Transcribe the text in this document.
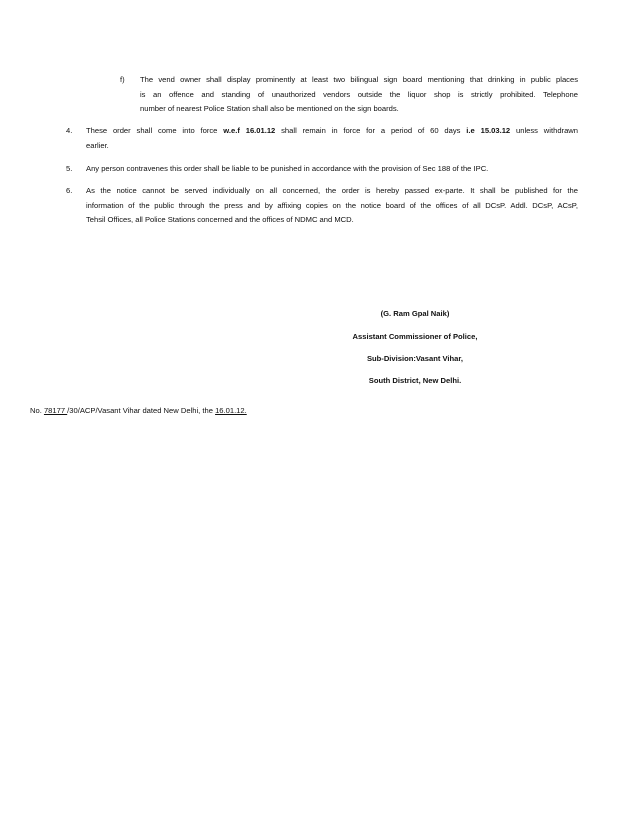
f)	The vend owner shall display prominently at least two bilingual sign board mentioning that drinking in public places
is an offence and standing of unauthorized vendors outside the liquor shop is strictly prohibited. Telephone
number of nearest Police Station shall also be mentioned on the sign boards.
4.	These order shall come into force w.e.f 16.01.12 shall remain in force for a period of 60 days i.e 15.03.12 unless withdrawn
earlier.
5.	Any person contravenes this order shall be liable to be punished in accordance with the provision of Sec 188 of the IPC.
6.	As the notice cannot be served individually on all concerned, the order is hereby passed ex-parte. It shall be published for the
information of the public through the press and by affixing copies on the notice board of the offices of all DCsP. Addl. DCsP, ACsP,
Tehsil Offices, all Police Stations concerned and the offices of NDMC and MCD.
(G. Ram Gpal Naik)
Assistant Commissioner of Police,
Sub-Division:Vasant Vihar,
South District, New Delhi.
No. 78177 /30/ACP/Vasant Vihar dated New Delhi, the 16.01.12.
